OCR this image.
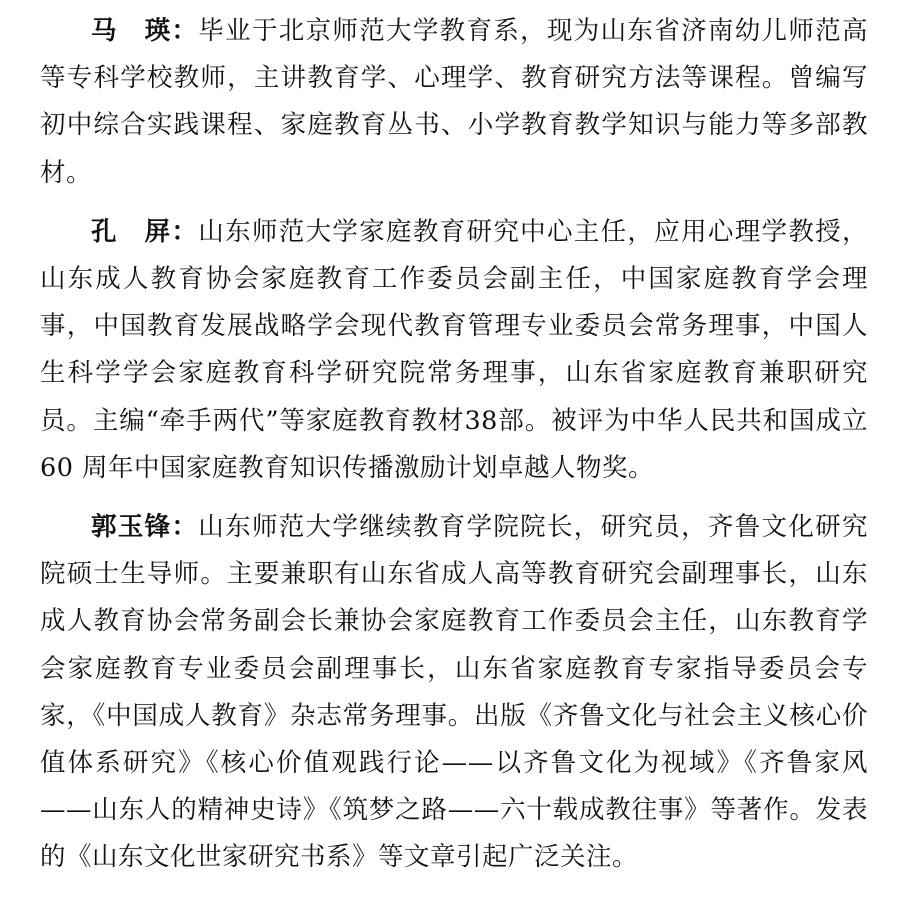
马　瑛：毕业于北京师范大学教育系，现为山东省济南幼儿师范高等专科学校教师，主讲教育学、心理学、教育研究方法等课程。曾编写初中综合实践课程、家庭教育丛书、小学教育教学知识与能力等多部教材。

孔　屏：山东师范大学家庭教育研究中心主任，应用心理学教授，山东成人教育协会家庭教育工作委员会副主任，中国家庭教育学会理事，中国教育发展战略学会现代教育管理专业委员会常务理事，中国人生科学学会家庭教育科学研究院常务理事，山东省家庭教育兼职研究员。主编“牵手两代”等家庭教育教材38部。被评为中华人民共和国成立 60 周年中国家庭教育知识传播激励计划卓越人物奖。

郭玉锋：山东师范大学继续教育学院院长，研究员，齐鲁文化研究院硕士生导师。主要兼职有山东省成人高等教育研究会副理事长，山东成人教育协会常务副会长兼协会家庭教育工作委员会主任，山东教育学会家庭教育专业委员会副理事长，山东省家庭教育专家指导委员会专家，《中国成人教育》杂志常务理事。出版《齐鲁文化与社会主义核心价值体系研究》《核心价值观践行论——以齐鲁文化为视域》《齐鲁家风——山东人的精神史诗》《筑梦之路——六十载成教往事》等著作。发表的《山东文化世家研究书系》等文章引起广泛关注。
